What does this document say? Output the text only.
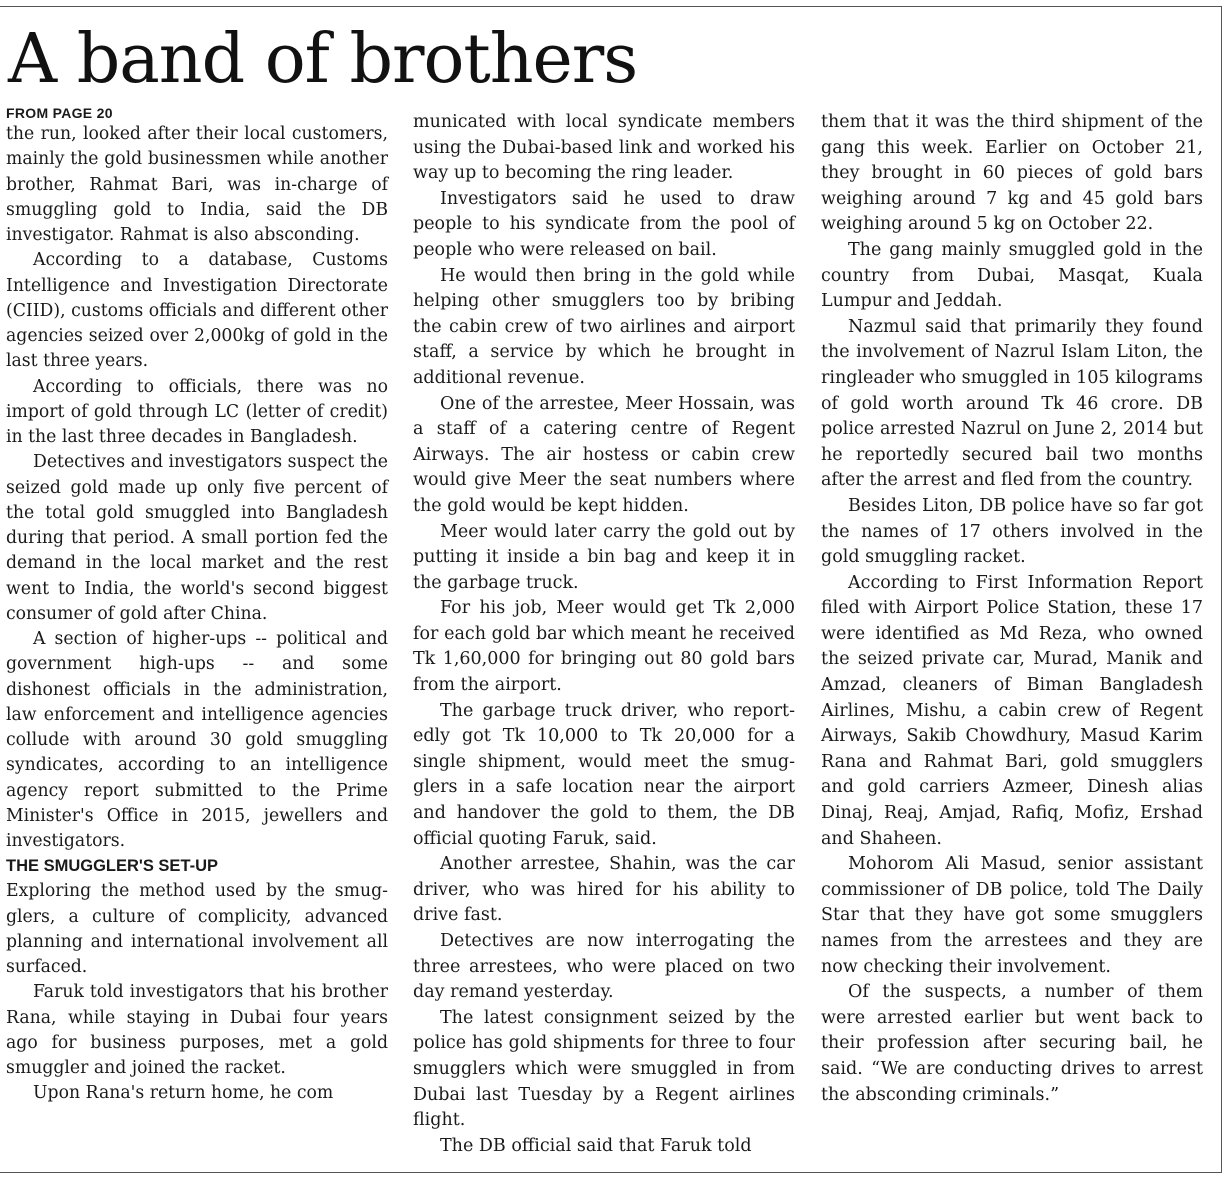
A band of brothers
FROM PAGE 20

the run, looked after their local customers, mainly the gold businessmen while another brother, Rahmat Bari, was in-charge of smuggling gold to India, said the DB investigator. Rahmat is also absconding.

According to a database, Customs Intelligence and Investigation Directorate (CIID), customs officials and different other agencies seized over 2,000kg of gold in the last three years.

According to officials, there was no import of gold through LC (letter of credit) in the last three decades in Bangladesh.

Detectives and investigators suspect the seized gold made up only five percent of the total gold smuggled into Bangladesh during that period. A small portion fed the demand in the local market and the rest went to India, the world's second biggest consumer of gold after China.

A section of higher-ups -- political and government high-ups -- and some dishonest officials in the administration, law enforcement and intelligence agencies collude with around 30 gold smuggling syndicates, according to an intelligence agency report submitted to the Prime Minister's Office in 2015, jewellers and investigators.

THE SMUGGLER'S SET-UP

Exploring the method used by the smugglers, a culture of complicity, advanced planning and international involvement all surfaced.

Faruk told investigators that his brother Rana, while staying in Dubai four years ago for business purposes, met a gold smuggler and joined the racket.

Upon Rana's return home, he com

municated with local syndicate members using the Dubai-based link and worked his way up to becoming the ring leader.

Investigators said he used to draw people to his syndicate from the pool of people who were released on bail.

He would then bring in the gold while helping other smugglers too by bribing the cabin crew of two airlines and airport staff, a service by which he brought in additional revenue.

One of the arrestee, Meer Hossain, was a staff of a catering centre of Regent Airways. The air hostess or cabin crew would give Meer the seat numbers where the gold would be kept hidden.

Meer would later carry the gold out by putting it inside a bin bag and keep it in the garbage truck.

For his job, Meer would get Tk 2,000 for each gold bar which meant he received Tk 1,60,000 for bringing out 80 gold bars from the airport.

The garbage truck driver, who reportedly got Tk 10,000 to Tk 20,000 for a single shipment, would meet the smugglers in a safe location near the airport and handover the gold to them, the DB official quoting Faruk, said.

Another arrestee, Shahin, was the car driver, who was hired for his ability to drive fast.

Detectives are now interrogating the three arrestees, who were placed on two day remand yesterday.

The latest consignment seized by the police has gold shipments for three to four smugglers which were smuggled in from Dubai last Tuesday by a Regent airlines flight.

The DB official said that Faruk told

them that it was the third shipment of the gang this week. Earlier on October 21, they brought in 60 pieces of gold bars weighing around 7 kg and 45 gold bars weighing around 5 kg on October 22.

The gang mainly smuggled gold in the country from Dubai, Masqat, Kuala Lumpur and Jeddah.

Nazmul said that primarily they found the involvement of Nazrul Islam Liton, the ringleader who smuggled in 105 kilograms of gold worth around Tk 46 crore. DB police arrested Nazrul on June 2, 2014 but he reportedly secured bail two months after the arrest and fled from the country.

Besides Liton, DB police have so far got the names of 17 others involved in the gold smuggling racket.

According to First Information Report filed with Airport Police Station, these 17 were identified as Md Reza, who owned the seized private car, Murad, Manik and Amzad, cleaners of Biman Bangladesh Airlines, Mishu, a cabin crew of Regent Airways, Sakib Chowdhury, Masud Karim Rana and Rahmat Bari, gold smugglers and gold carriers Azmeer, Dinesh alias Dinaj, Reaj, Amjad, Rafiq, Mofiz, Ershad and Shaheen.

Mohorom Ali Masud, senior assistant commissioner of DB police, told The Daily Star that they have got some smugglers names from the arrestees and they are now checking their involvement.

Of the suspects, a number of them were arrested earlier but went back to their profession after securing bail, he said. “We are conducting drives to arrest the absconding criminals.”
